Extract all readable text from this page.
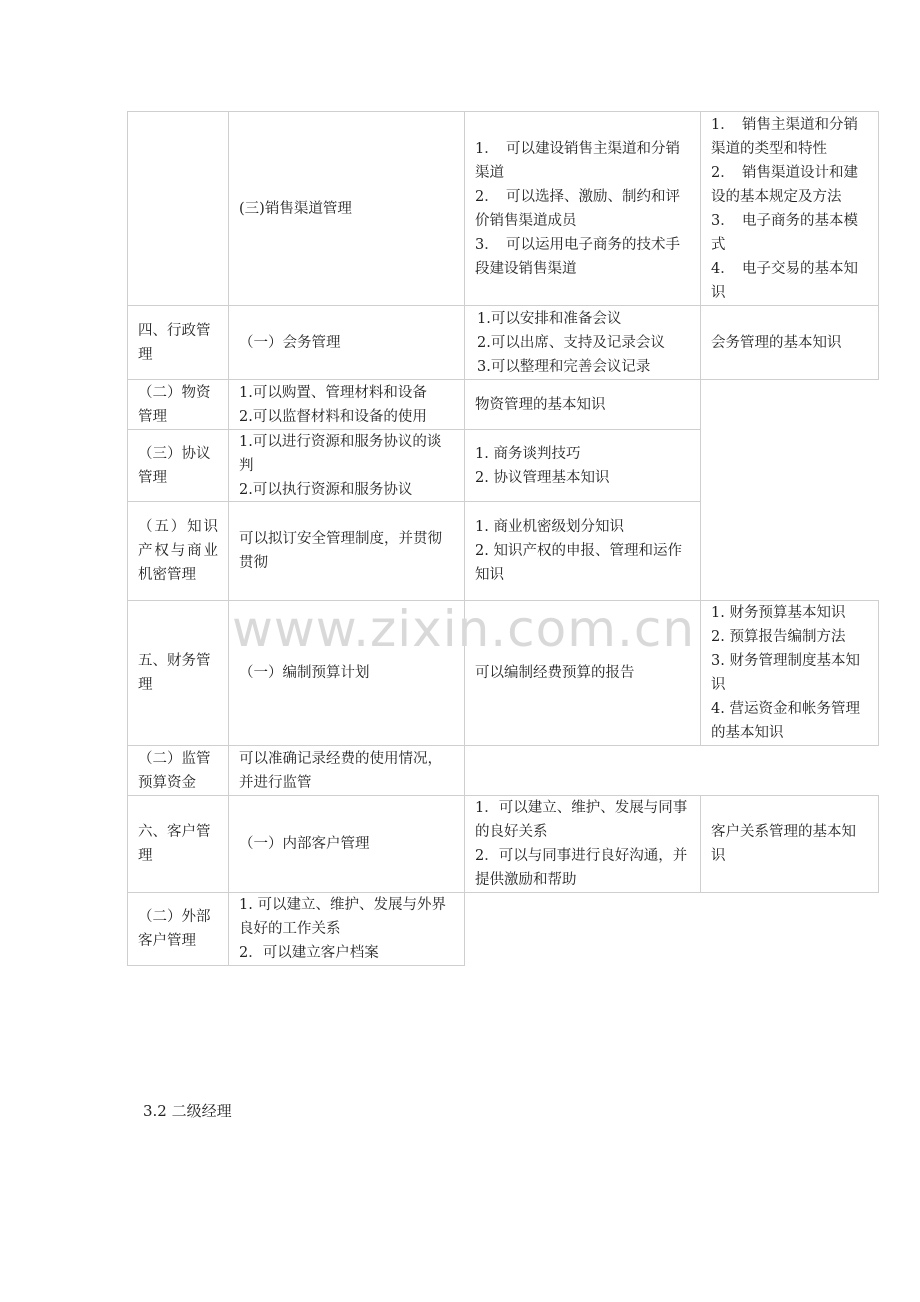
(三)销售渠道管理
1．　可以建设销售主渠道和分销渠道
2．　可以选择、激励、制约和评价销售渠道成员
3．　可以运用电子商务的技术手段建设销售渠道
1．　销售主渠道和分销渠道的类型和特性
2．　销售渠道设计和建设的基本规定及方法
3．　电子商务的基本模式
4．　电子交易的基本知识
四、行政管理
（一）会务管理
1.可以安排和准备会议
2.可以出席、支持及记录会议
3.可以整理和完善会议记录
会务管理的基本知识
（二）物资管理
1.可以购置、管理材料和设备
2.可以监督材料和设备的使用
物资管理的基本知识
（三）协议管理
1.可以进行资源和服务协议的谈判
2.可以执行资源和服务协议
1. 商务谈判技巧
2. 协议管理基本知识
（五）知识产权与商业机密管理
可以拟订安全管理制度，并贯彻贯彻
1. 商业机密级划分知识
2. 知识产权的申报、管理和运作知识
五、财务管理
（一）编制预算计划	可以编制经费预算的报告
1. 财务预算基本知识
2. 预算报告编制方法
3. 财务管理制度基本知识
4. 营运资金和帐务管理的基本知识
（二）监管预算资金
可以准确记录经费的使用情况，并进行监管
六、客户管理
（一）内部客户管理
1．可以建立、维护、发展与同事的良好关系
2．可以与同事进行良好沟通，并提供激励和帮助
客户关系管理的基本知识
（二）外部客户管理
1. 可以建立、维护、发展与外界良好的工作关系
2．可以建立客户档案
www.zixin.com.cn
3.2 二级经理
